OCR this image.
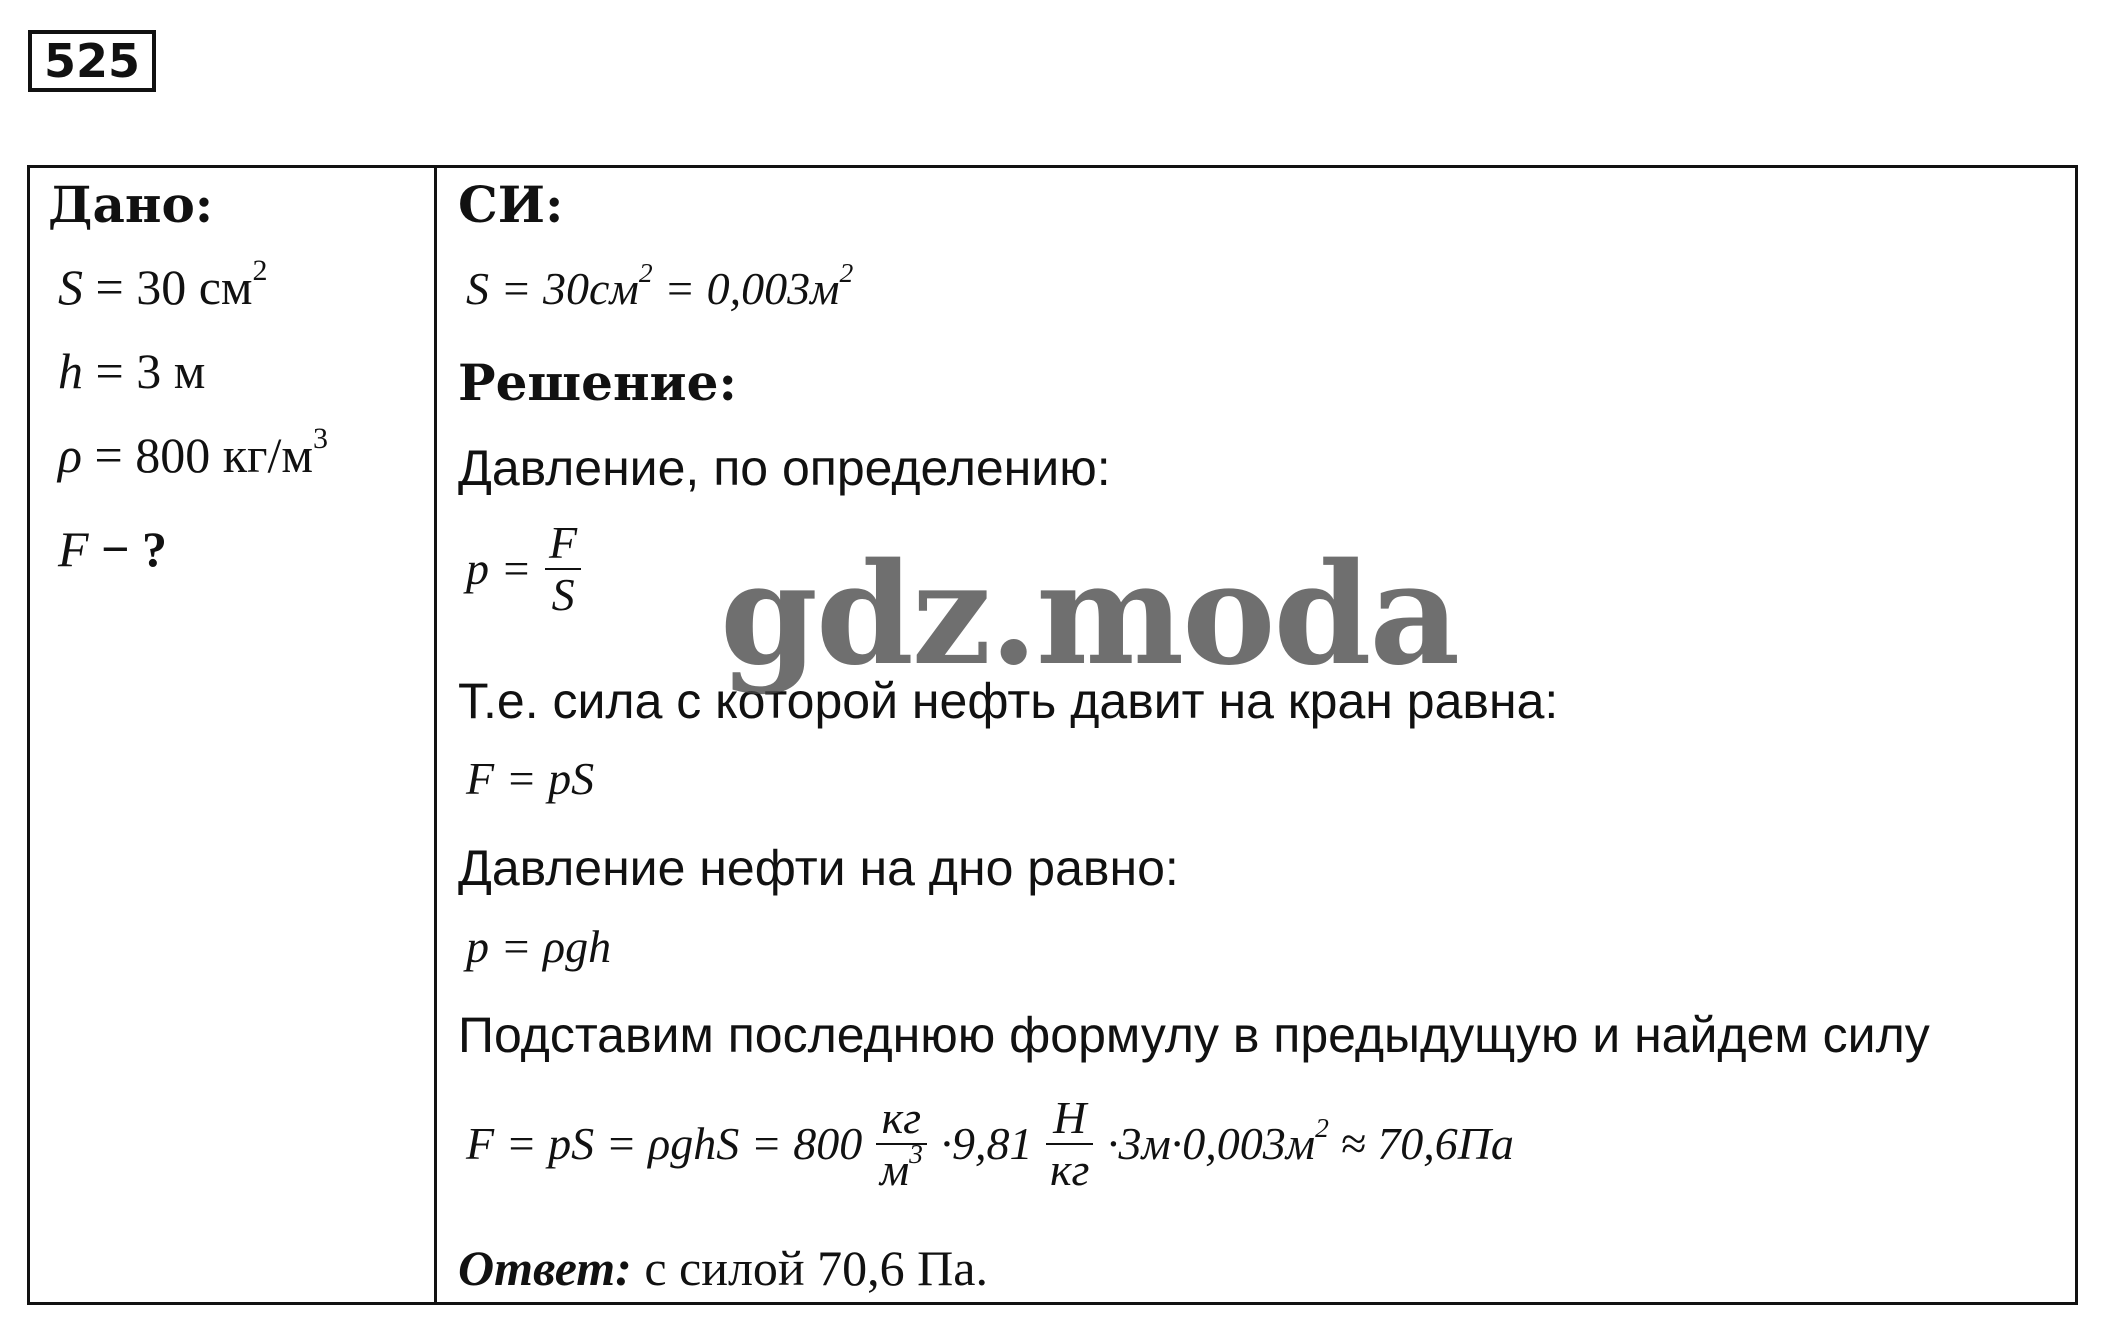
525
Дано:
S = 30 $см^2$
h = 3 м
ρ = 800 $кг/м^3$
F − ?
СИ:
$S = 30см^2 = 0,003м^2$
Решение:
Давление, по определению:
$p = \frac{F}{S}$
Т.е. сила с которой нефть давит на кран равна:
F = pS
Давление нефти на дно равно:
p = ρgh
Подставим последнюю формулу в предыдущую и найдем силу
F = pS = $\rho ghS = 800 \frac{кг}{м^3} \cdot 9,81 \frac{Н}{кг} \cdot 3м\cdot 0,003м^2 \approx 70,6Па$
Ответ: с силой 70,6 Па.
gdz.moda
